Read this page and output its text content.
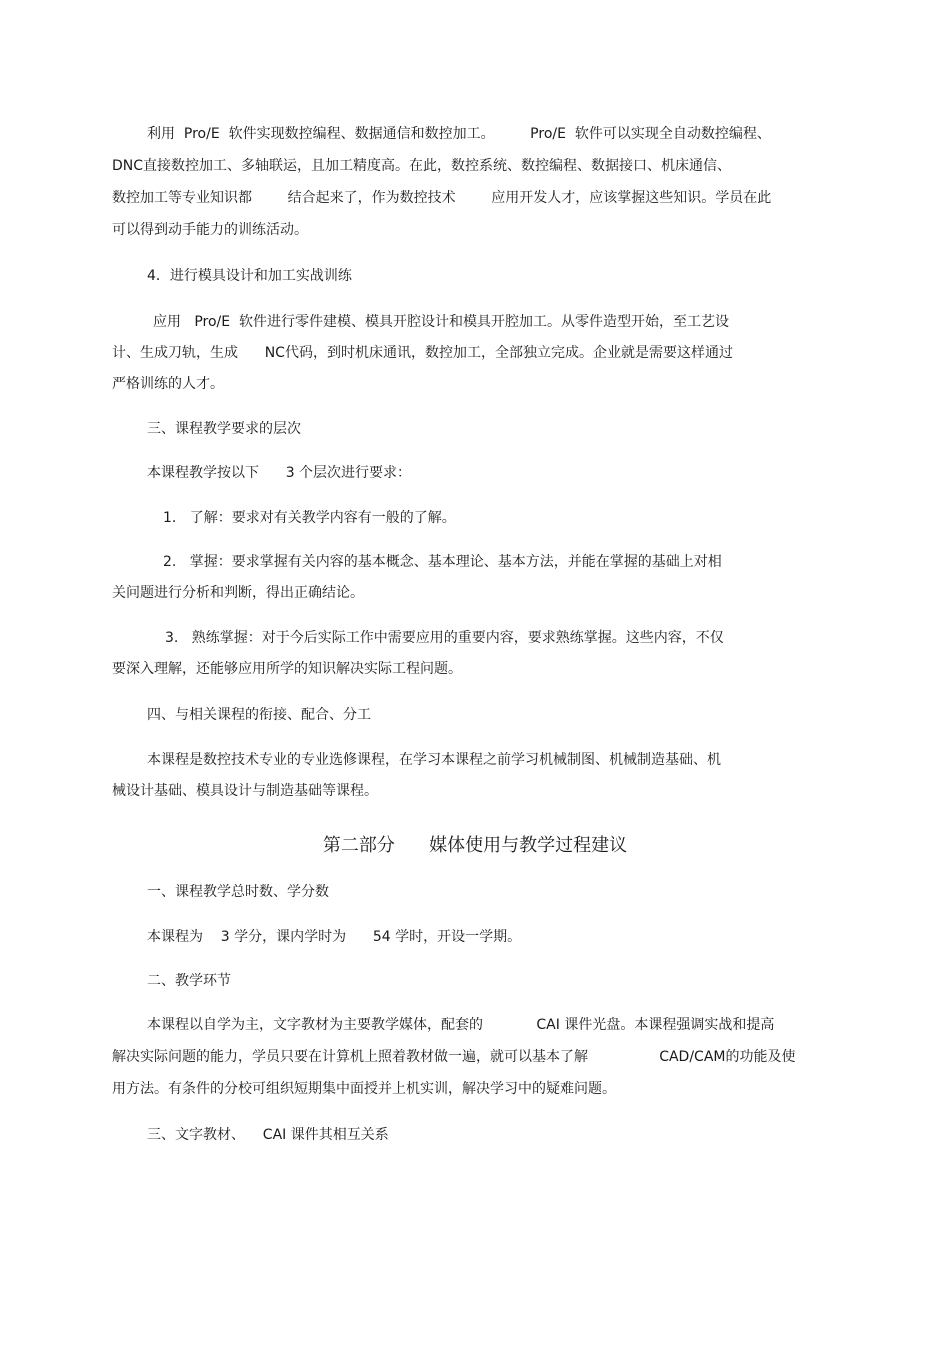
利用  Pro/E  软件实现数控编程、数据通信和数控加工。        Pro/E  软件可以实现全自动数控编程、
DNC直接数控加工、多轴联运，且加工精度高。在此，数控系统、数控编程、数据接口、机床通信、
数控加工等专业知识都        结合起来了，作为数控技术        应用开发人才，应该掌握这些知识。学员在此
可以得到动手能力的训练活动。
4．进行模具设计和加工实战训练
应用   Pro/E  软件进行零件建模、模具开腔设计和模具开腔加工。从零件造型开始，至工艺设
计、生成刀轨，生成      NC代码，到时机床通讯，数控加工，全部独立完成。企业就是需要这样通过
严格训练的人才。
三、课程教学要求的层次
本课程教学按以下      3 个层次进行要求：
1.   了解：要求对有关教学内容有一般的了解。
2.   掌握：要求掌握有关内容的基本概念、基本理论、基本方法，并能在掌握的基础上对相
关问题进行分析和判断，得出正确结论。
3.   熟练掌握：对于今后实际工作中需要应用的重要内容，要求熟练掌握。这些内容，不仅
要深入理解，还能够应用所学的知识解决实际工程问题。
四、与相关课程的衔接、配合、分工
本课程是数控技术专业的专业选修课程，在学习本课程之前学习机械制图、机械制造基础、机
械设计基础、模具设计与制造基础等课程。
第二部分      媒体使用与教学过程建议
一、课程教学总时数、学分数
本课程为    3 学分，课内学时为      54 学时，开设一学期。
二、教学环节
本课程以自学为主，文字教材为主要教学媒体，配套的            CAI 课件光盘。本课程强调实战和提高
解决实际问题的能力，学员只要在计算机上照着教材做一遍，就可以基本了解                CAD/CAM的功能及使
用方法。有条件的分校可组织短期集中面授并上机实训，解决学习中的疑难问题。
三、文字教材、    CAI 课件其相互关系
